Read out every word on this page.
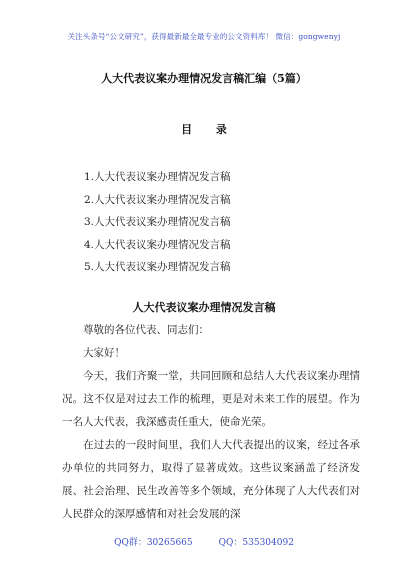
关注头条号“公文研究”，获得最新最全最专业的公文资料库！ 微信：gongwenyj
人大代表议案办理情况发言稿汇编（5篇）
目 录
1.人大代表议案办理情况发言稿
2.人大代表议案办理情况发言稿
3.人大代表议案办理情况发言稿
4.人大代表议案办理情况发言稿
5.人大代表议案办理情况发言稿
人大代表议案办理情况发言稿

尊敬的各位代表、同志们：

大家好！

今天，我们齐聚一堂，共同回顾和总结人大代表议案办理情况。这不仅是对过去工作的梳理，更是对未来工作的展望。作为一名人大代表，我深感责任重大，使命光荣。

在过去的一段时间里，我们人大代表提出的议案，经过各承办单位的共同努力，取得了显著成效。这些议案涵盖了经济发展、社会治理、民生改善等多个领域，充分体现了人大代表们对人民群众的深厚感情和对社会发展的深

QQ群：30265665	QQ：535304092
